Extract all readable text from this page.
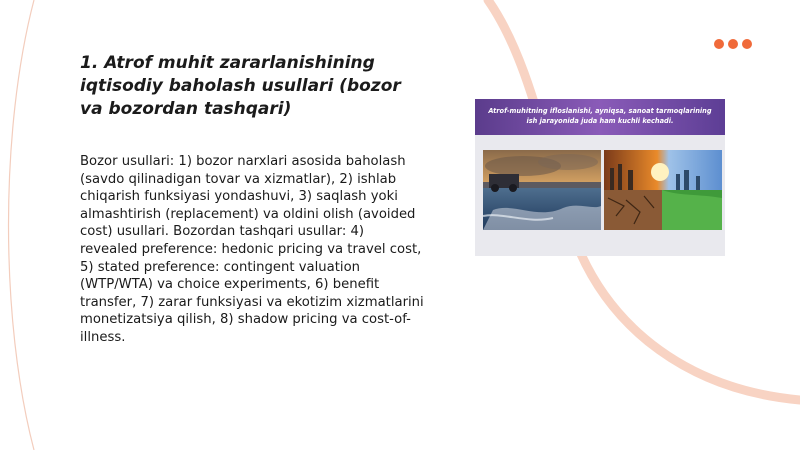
1. Atrof muhit zararlanishining iqtisodiy baholash usullari (bozor va bozordan tashqari)

Bozor usullari: 1) bozor narxlari asosida baholash (savdo qilinadigan tovar va xizmatlar), 2) ishlab chiqarish funksiyasi yondashuvi, 3) saqlash yoki almashtirish (replacement) va oldini olish (avoided cost) usullari. Bozordan tashqari usullar: 4) revealed preference: hedonic pricing va travel cost, 5) stated preference: contingent valuation (WTP/WTA) va choice experiments, 6) benefit transfer, 7) zarar funksiyasi va ekotizim xizmatlarini monetizatsiya qilish, 8) shadow pricing va cost-of-illness.

Atrof-muhitning ifloslanishi, ayniqsa, sanoat tarmoqlarining ish jarayonida juda ham kuchli kechadi.
